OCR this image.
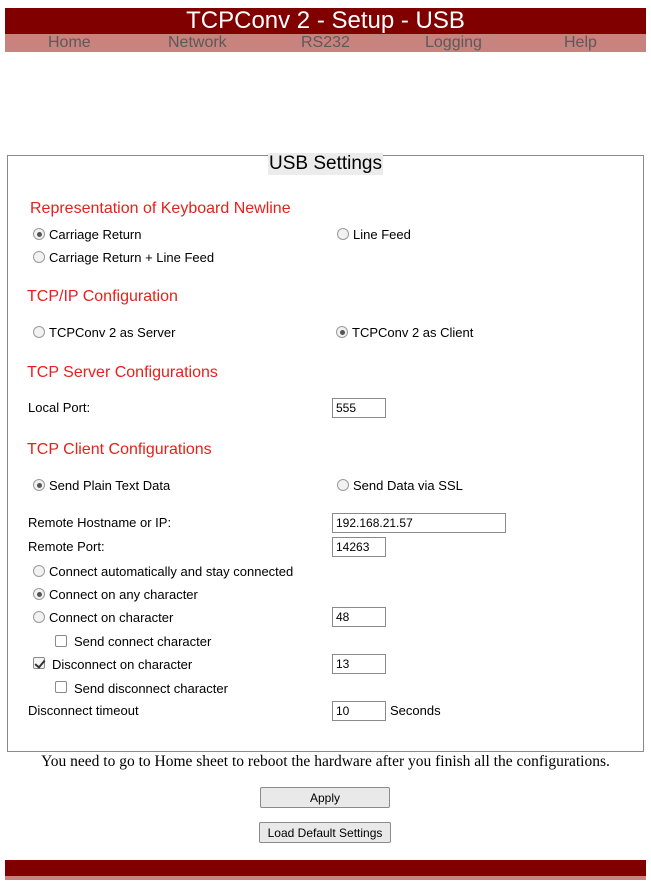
TCPConv 2 - Setup - USB
Home	Network	RS232	Logging	Help
USB Settings
Representation of Keyboard Newline
Carriage Return	Line Feed
Carriage Return + Line Feed
TCP/IP Configuration
TCPConv 2 as Server	TCPConv 2 as Client
TCP Server Configurations
Local Port:
555
TCP Client Configurations
Send Plain Text Data	Send Data via SSL
Remote Hostname or IP:
192.168.21.57
Remote Port:
14263
Connect automatically and stay connected
Connect on any character
Connect on character
48
Send connect character
Disconnect on character
13
Send disconnect character
Disconnect timeout
10	Seconds
You need to go to Home sheet to reboot the hardware after you finish all the configurations.
Apply
Load Default Settings
